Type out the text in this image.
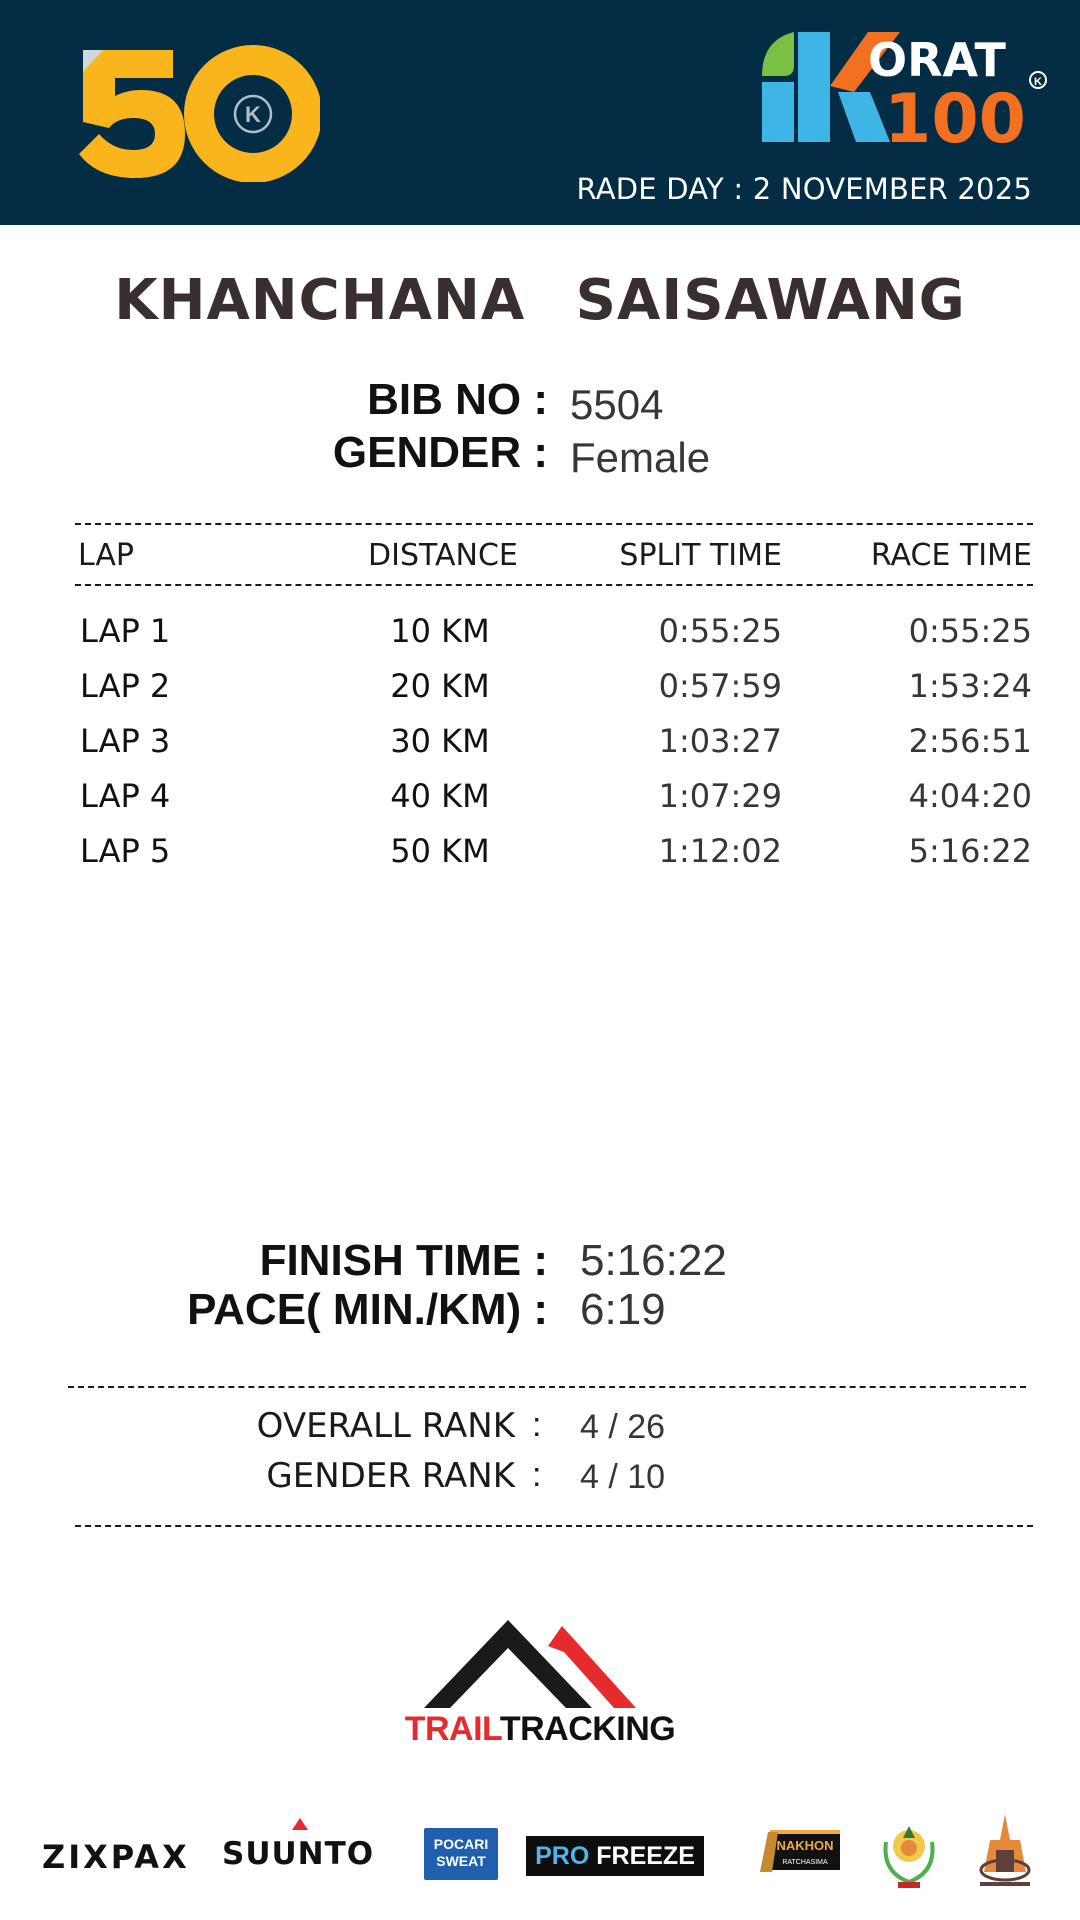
K
ORAT
100 K
RADE DAY : 2 NOVEMBER 2025
KHANCHANA SAISAWANG
BIB NO : 5504
GENDER : Female
LAP	DISTANCE	SPLIT TIME	RACE TIME
LAP 1	10 KM	0:55:25	0:55:25
LAP 2	20 KM	0:57:59	1:53:24
LAP 3	30 KM	1:03:27	2:56:51
LAP 4	40 KM	1:07:29	4:04:20
LAP 5	50 KM	1:12:02	5:16:22
FINISH TIME : 5:16:22
PACE( MIN./KM) : 6:19
OVERALL RANK : 4 / 26
GENDER RANK : 4 / 10
TRAILTRACKING
ZIXPAX SUUNTO	POCARI SWEAT	PRO FREEZE	NAKHON
RATCHASIMA
